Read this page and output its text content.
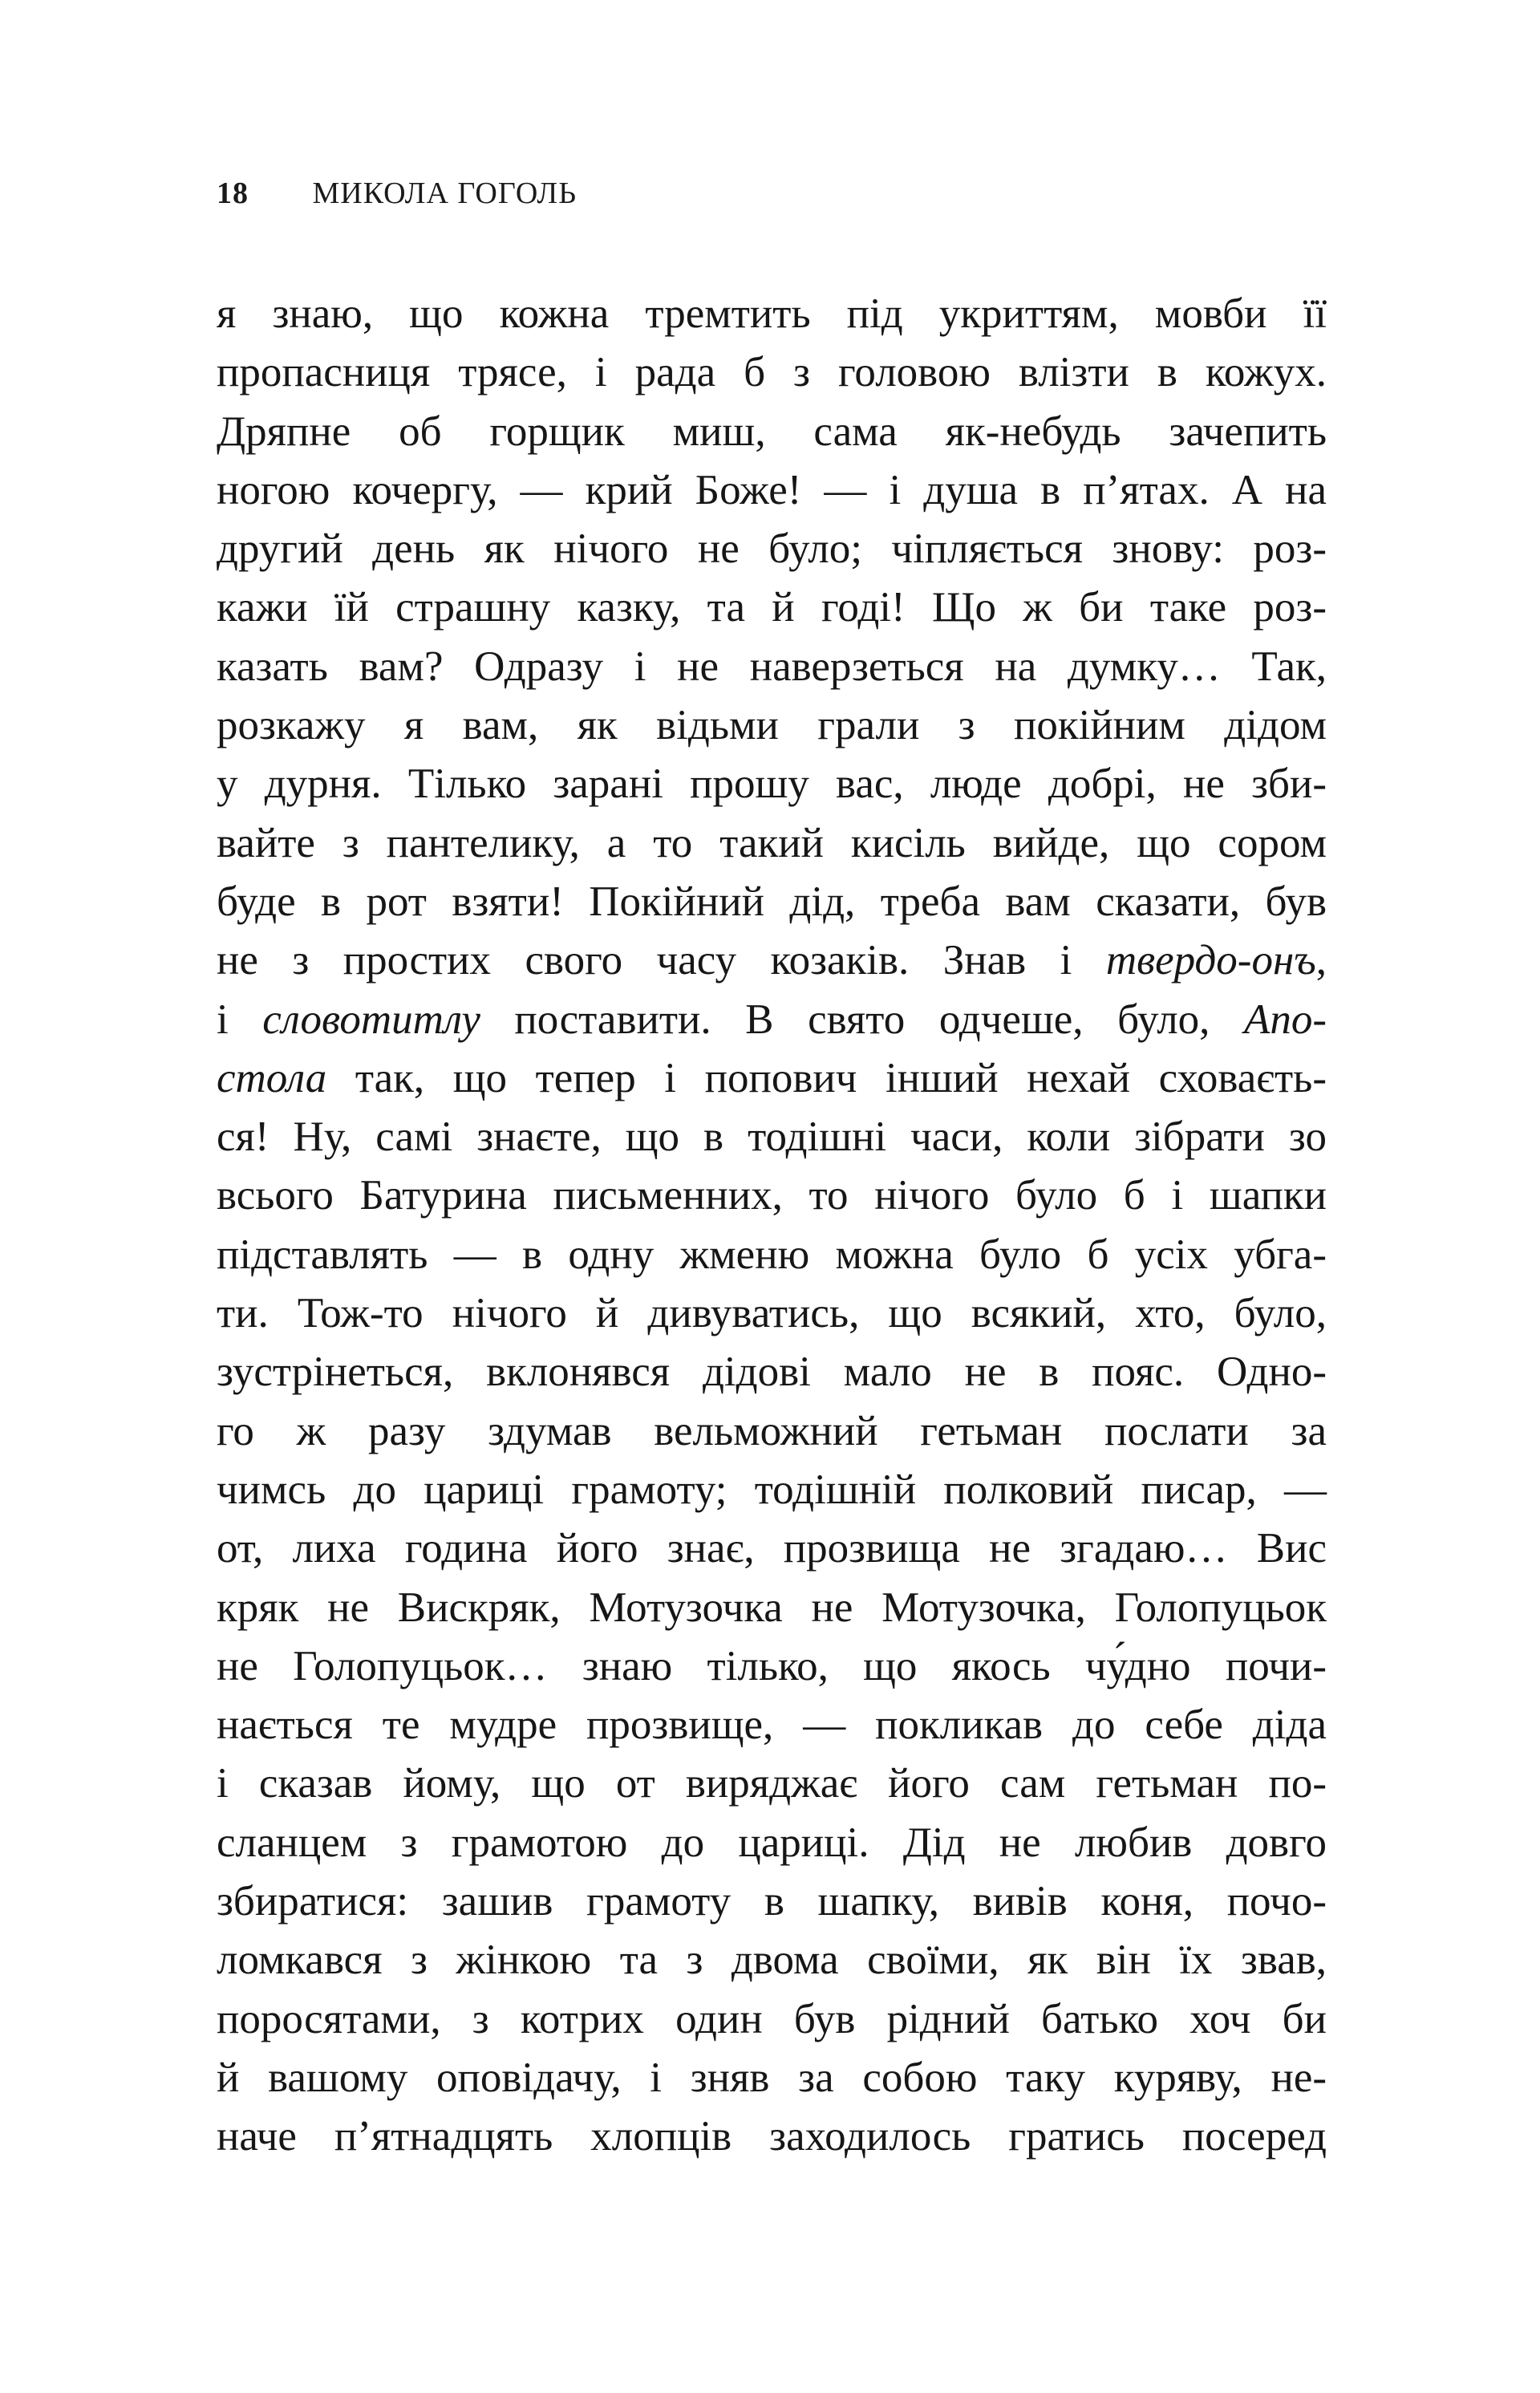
18 МИКОЛА ГОГОЛЬ
я знаю, що кожна тремтить під укриттям, мовби її
пропасниця трясе, і рада б з головою влізти в кожух.
Дряпне об горщик миш, сама як-небудь зачепить
ногою кочергу, — крий Боже! — і душа в п’ятах. А на
другий день як нічого не було; чіпляється знову: роз-
кажи їй страшну казку, та й годі! Що ж би таке роз-
казать вам? Одразу і не наверзеться на думку… Так,
розкажу я вам, як відьми грали з покійним дідом
у дурня. Тілько зарані прошу вас, люде добрі, не зби-
вайте з пантелику, а то такий кисіль вийде, що сором
буде в рот взяти! Покійний дід, треба вам сказати, був
не з простих свого часу козаків. Знав і твердо-онъ,
і словотитлу поставити. В свято одчеше, було, Апо-
стола так, що тепер і попович інший нехай сховаєть-
ся! Ну, самі знаєте, що в тодішні часи, коли зібрати зо
всього Батурина письменних, то нічого було б і шапки
підставлять — в одну жменю можна було б усіх убга-
ти. Тож-то нічого й дивуватись, що всякий, хто, було,
зустрінеться, вклонявся дідові мало не в пояс. Одно-
го ж разу здумав вельможний гетьман послати за
чимсь до цариці грамоту; тодішній полковий писар, —
от, лиха година його знає, прозвища не згадаю… Вис
кряк не Вискряк, Мотузочка не Мотузочка, Голопуцьок
не Голопуцьок… знаю тілько, що якось чу́дно почи-
нається те мудре прозвище, — покликав до себе діда
і сказав йому, що от виряджає його сам гетьман по-
сланцем з грамотою до цариці. Дід не любив довго
збиратися: зашив грамоту в шапку, вивів коня, почо-
ломкався з жінкою та з двома своїми, як він їх звав,
поросятами, з котрих один був рідний батько хоч би
й вашому оповідачу, і зняв за собою таку куряву, не-
наче п’ятнадцять хлопців заходилось гратись посеред
